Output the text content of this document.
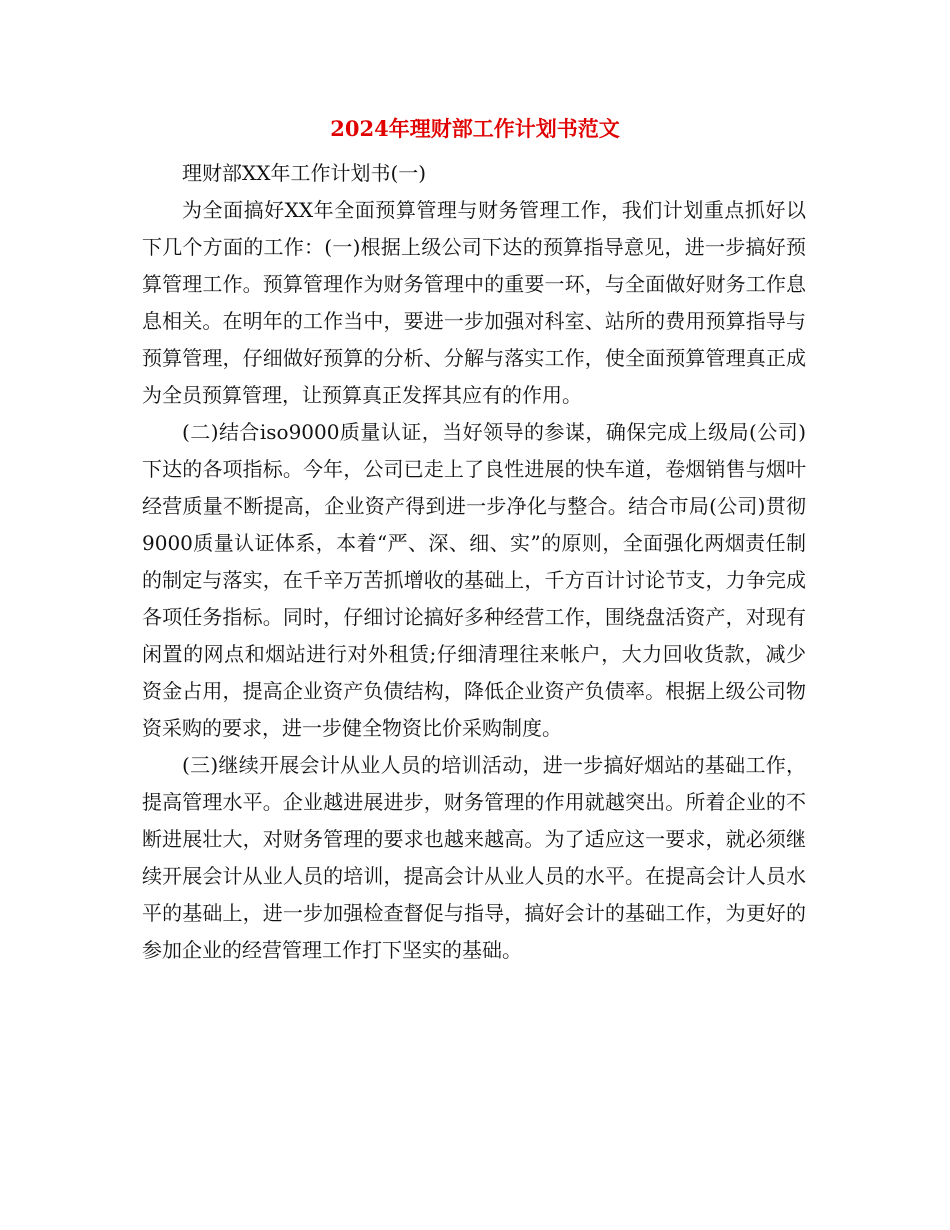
2024年理财部工作计划书范文

理财部XX年工作计划书(一)

为全面搞好XX年全面预算管理与财务管理工作，我们计划重点抓好以下几个方面的工作：(一)根据上级公司下达的预算指导意见，进一步搞好预算管理工作。预算管理作为财务管理中的重要一环，与全面做好财务工作息息相关。在明年的工作当中，要进一步加强对科室、站所的费用预算指导与预算管理，仔细做好预算的分析、分解与落实工作，使全面预算管理真正成为全员预算管理，让预算真正发挥其应有的作用。

(二)结合iso9000质量认证，当好领导的参谋，确保完成上级局(公司)下达的各项指标。今年，公司已走上了良性进展的快车道，卷烟销售与烟叶经营质量不断提高，企业资产得到进一步净化与整合。结合市局(公司)贯彻9000质量认证体系，本着“严、深、细、实”的原则，全面强化两烟责任制的制定与落实，在千辛万苦抓增收的基础上，千方百计讨论节支，力争完成各项任务指标。同时，仔细讨论搞好多种经营工作，围绕盘活资产，对现有闲置的网点和烟站进行对外租赁;仔细清理往来帐户，大力回收货款，减少资金占用，提高企业资产负债结构，降低企业资产负债率。根据上级公司物资采购的要求，进一步健全物资比价采购制度。

(三)继续开展会计从业人员的培训活动，进一步搞好烟站的基础工作，提高管理水平。企业越进展进步，财务管理的作用就越突出。所着企业的不断进展壮大，对财务管理的要求也越来越高。为了适应这一要求，就必须继续开展会计从业人员的培训，提高会计从业人员的水平。在提高会计人员水平的基础上，进一步加强检查督促与指导，搞好会计的基础工作，为更好的参加企业的经营管理工作打下坚实的基础。
